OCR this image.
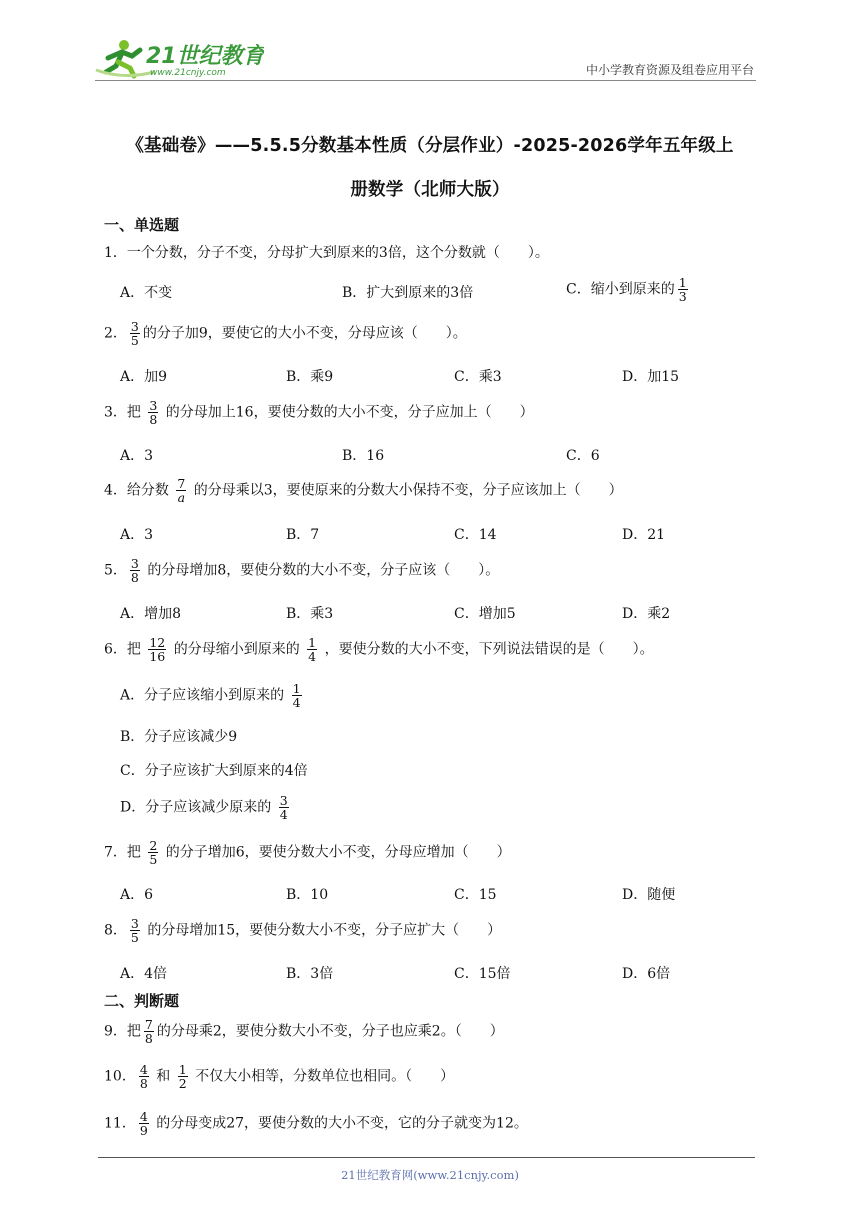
21世纪教育
www.21cnjy.com	中小学教育资源及组卷应用平台
《基础卷》——5.5.5分数基本性质（分层作业）-2025-2026学年五年级上
册数学（北师大版）
一、单选题
1．一个分数，分子不变，分母扩大到原来的3倍，这个分数就（　　）。
A．不变	B．扩大到原来的3倍	C．缩小到原来的 $\frac{1}{3}$
2． $\frac{3}{5}$ 的分子加9，要使它的大小不变，分母应该（　　）。
A．加9	B．乘9	C．乘3	D．加15
3．把 $\frac{3}{8}$ 的分母加上16，要使分数的大小不变，分子应加上（　　）
A．3	B．16	C．6
4．给分数 $\frac{7}{a}$ 的分母乘以3，要使原来的分数大小保持不变，分子应该加上（　　）
A．3	B．7	C．14	D．21
5． $\frac{3}{8}$ 的分母增加8，要使分数的大小不变，分子应该（　　）。
A．增加8	B．乘3	C．增加5	D．乘2
6．把 $\frac{12}{16}$ 的分母缩小到原来的 $\frac{1}{4}$ ，要使分数的大小不变，下列说法错误的是（　　）。
A．分子应该缩小到原来的 $\frac{1}{4}$
B．分子应该减少9
C．分子应该扩大到原来的4倍
D．分子应该减少原来的 $\frac{3}{4}$
7．把 $\frac{2}{5}$ 的分子增加6，要使分数大小不变，分母应增加（　　）
A．6	B．10	C．15	D．随便
8． $\frac{3}{5}$ 的分母增加15，要使分数大小不变，分子应扩大（　　）
A．4倍	B．3倍	C．15倍	D．6倍
二、判断题
9．把 $\frac{7}{8}$ 的分母乘2，要使分数大小不变，分子也应乘2。（　　）
10． $\frac{4}{8}$ 和 $\frac{1}{2}$ 不仅大小相等，分数单位也相同。（　　）
11． $\frac{4}{9}$ 的分母变成27，要使分数的大小不变，它的分子就变为12。
21世纪教育网(www.21cnjy.com)
